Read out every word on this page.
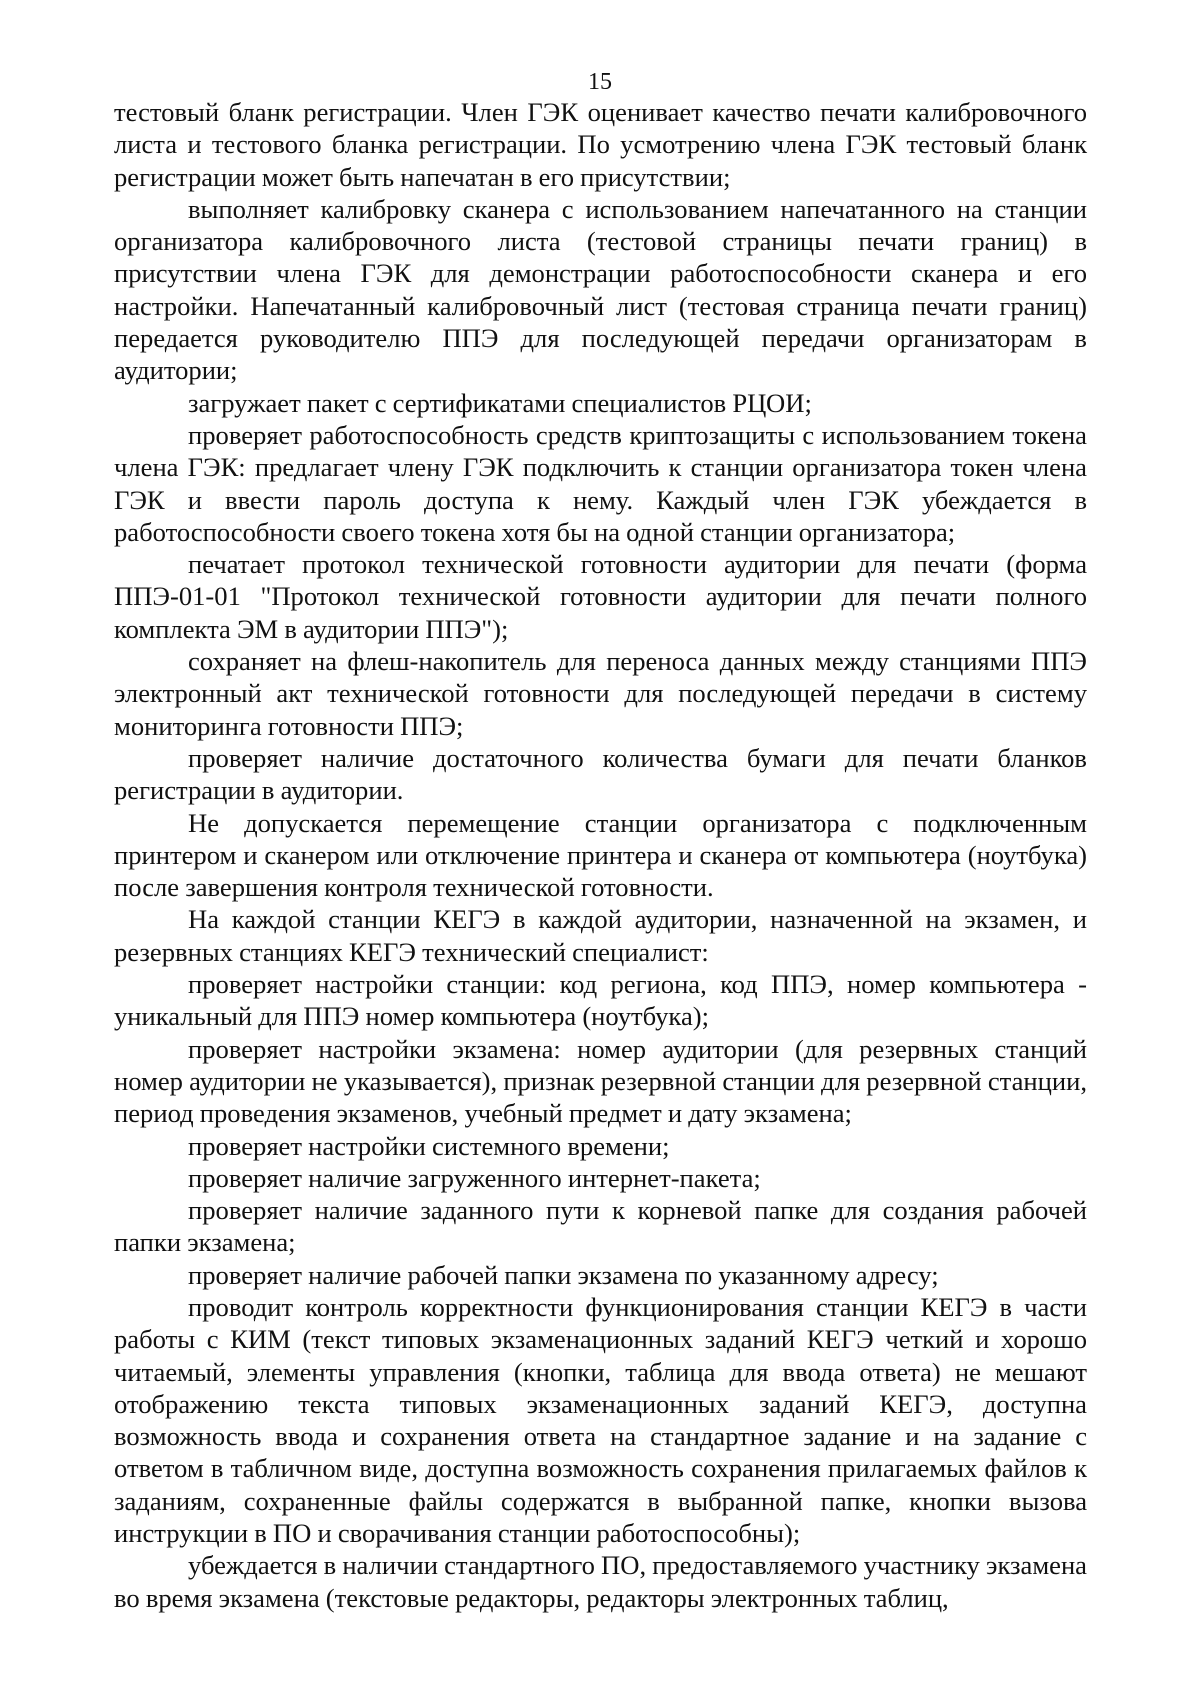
15

тестовый бланк регистрации. Член ГЭК оценивает качество печати калибровочного листа и тестового бланка регистрации. По усмотрению члена ГЭК тестовый бланк регистрации может быть напечатан в его присутствии;

выполняет калибровку сканера с использованием напечатанного на станции организатора калибровочного листа (тестовой страницы печати границ) в присутствии члена ГЭК для демонстрации работоспособности сканера и его настройки. Напечатанный калибровочный лист (тестовая страница печати границ) передается руководителю ППЭ для последующей передачи организаторам в аудитории;

загружает пакет с сертификатами специалистов РЦОИ;

проверяет работоспособность средств криптозащиты с использованием токена члена ГЭК: предлагает члену ГЭК подключить к станции организатора токен члена ГЭК и ввести пароль доступа к нему. Каждый член ГЭК убеждается в работоспособности своего токена хотя бы на одной станции организатора;

печатает протокол технической готовности аудитории для печати (форма ППЭ-01-01 "Протокол технической готовности аудитории для печати полного комплекта ЭМ в аудитории ППЭ");

сохраняет на флеш-накопитель для переноса данных между станциями ППЭ электронный акт технической готовности для последующей передачи в систему мониторинга готовности ППЭ;

проверяет наличие достаточного количества бумаги для печати бланков регистрации в аудитории.

Не допускается перемещение станции организатора с подключенным принтером и сканером или отключение принтера и сканера от компьютера (ноутбука) после завершения контроля технической готовности.

На каждой станции КЕГЭ в каждой аудитории, назначенной на экзамен, и резервных станциях КЕГЭ технический специалист:

проверяет настройки станции: код региона, код ППЭ, номер компьютера - уникальный для ППЭ номер компьютера (ноутбука);

проверяет настройки экзамена: номер аудитории (для резервных станций номер аудитории не указывается), признак резервной станции для резервной станции, период проведения экзаменов, учебный предмет и дату экзамена;

проверяет настройки системного времени;

проверяет наличие загруженного интернет-пакета;

проверяет наличие заданного пути к корневой папке для создания рабочей папки экзамена;

проверяет наличие рабочей папки экзамена по указанному адресу;

проводит контроль корректности функционирования станции КЕГЭ в части работы с КИМ (текст типовых экзаменационных заданий КЕГЭ четкий и хорошо читаемый, элементы управления (кнопки, таблица для ввода ответа) не мешают отображению текста типовых экзаменационных заданий КЕГЭ, доступна возможность ввода и сохранения ответа на стандартное задание и на задание с ответом в табличном виде, доступна возможность сохранения прилагаемых файлов к заданиям, сохраненные файлы содержатся в выбранной папке, кнопки вызова инструкции в ПО и сворачивания станции работоспособны);

убеждается в наличии стандартного ПО, предоставляемого участнику экзамена во время экзамена (текстовые редакторы, редакторы электронных таблиц,
